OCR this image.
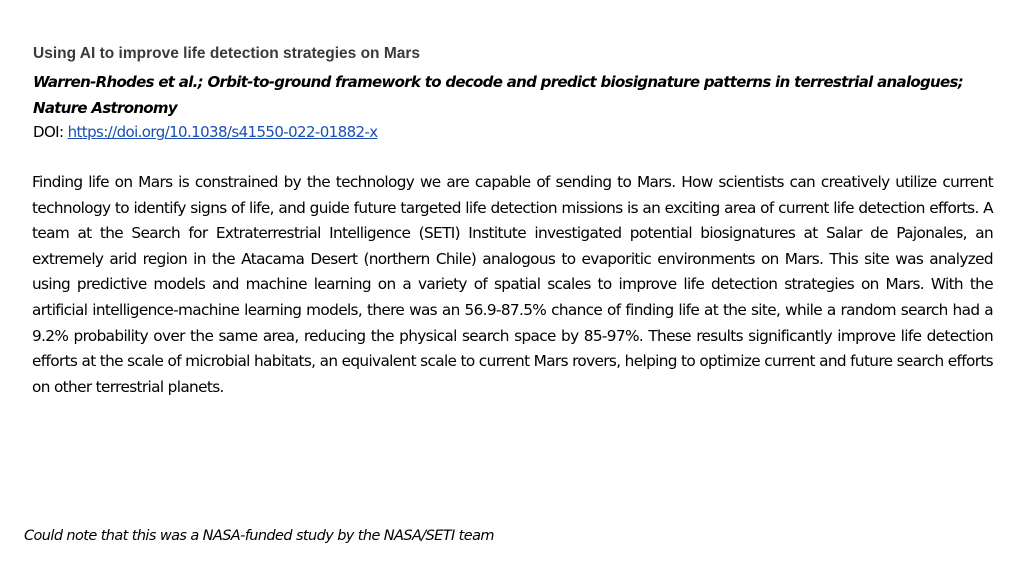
Using AI to improve life detection strategies on Mars
Warren-Rhodes et al.; Orbit-to-ground framework to decode and predict biosignature patterns in terrestrial analogues; Nature Astronomy
DOI: https://doi.org/10.1038/s41550-022-01882-x
Finding life on Mars is constrained by the technology we are capable of sending to Mars. How scientists can creatively utilize current technology to identify signs of life, and guide future targeted life detection missions is an exciting area of current life detection efforts. A team at the Search for Extraterrestrial Intelligence (SETI) Institute investigated potential biosignatures at Salar de Pajonales, an extremely arid region in the Atacama Desert (northern Chile) analogous to evaporitic environments on Mars. This site was analyzed using predictive models and machine learning on a variety of spatial scales to improve life detection strategies on Mars. With the artificial intelligence-machine learning models, there was an 56.9-87.5% chance of finding life at the site, while a random search had a 9.2% probability over the same area, reducing the physical search space by 85-97%. These results significantly improve life detection efforts at the scale of microbial habitats, an equivalent scale to current Mars rovers, helping to optimize current and future search efforts on other terrestrial planets.
Could note that this was a NASA-funded study by the NASA/SETI team
